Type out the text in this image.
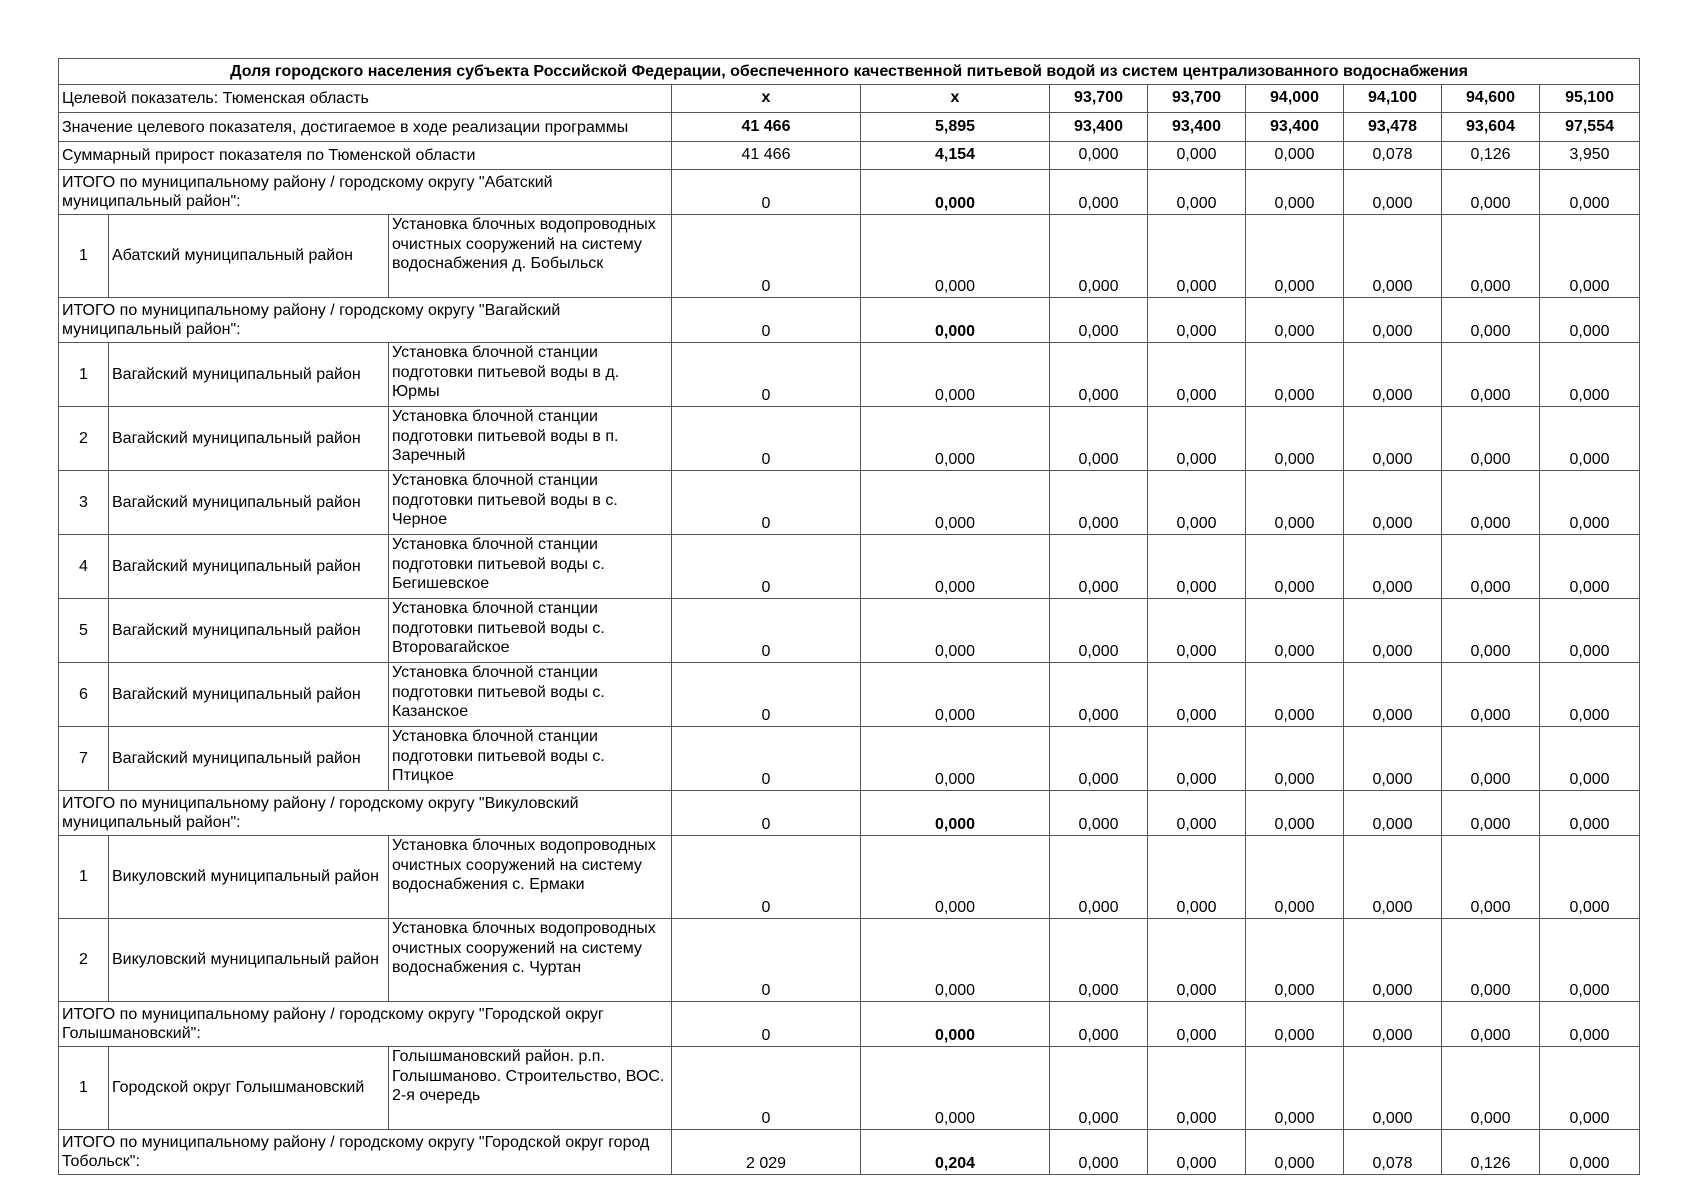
Доля городского населения субъекта Российской Федерации, обеспеченного качественной питьевой водой из систем централизованного водоснабжения										
Целевой показатель: Тюменская область			х	х	93,700	93,700	94,000	94,100	94,600	95,100
Значение целевого показателя, достигаемое в ходе реализации программы			41 466	5,895	93,400	93,400	93,400	93,478	93,604	97,554
Суммарный прирост показателя по Тюменской области			41 466	4,154	0,000	0,000	0,000	0,078	0,126	3,950
ИТОГО по муниципальному району / городскому округу "Абатский муниципальный район":			0	0,000	0,000	0,000	0,000	0,000	0,000	0,000
1	Абатский муниципальный район	Установка блочных водопроводных очистных сооружений на систему водоснабжения д. Бобыльск	0	0,000	0,000	0,000	0,000	0,000	0,000	0,000
ИТОГО по муниципальному району / городскому округу "Вагайский муниципальный район":			0	0,000	0,000	0,000	0,000	0,000	0,000	0,000
1	Вагайский муниципальный район	Установка блочной станции подготовки питьевой воды в д. Юрмы	0	0,000	0,000	0,000	0,000	0,000	0,000	0,000
2	Вагайский муниципальный район	Установка блочной станции подготовки питьевой воды в п. Заречный	0	0,000	0,000	0,000	0,000	0,000	0,000	0,000
3	Вагайский муниципальный район	Установка блочной станции подготовки питьевой воды в с. Черное	0	0,000	0,000	0,000	0,000	0,000	0,000	0,000
4	Вагайский муниципальный район	Установка блочной станции подготовки питьевой воды с. Бегишевское	0	0,000	0,000	0,000	0,000	0,000	0,000	0,000
5	Вагайский муниципальный район	Установка блочной станции подготовки питьевой воды с. Второвагайское	0	0,000	0,000	0,000	0,000	0,000	0,000	0,000
6	Вагайский муниципальный район	Установка блочной станции подготовки питьевой воды с. Казанское	0	0,000	0,000	0,000	0,000	0,000	0,000	0,000
7	Вагайский муниципальный район	Установка блочной станции подготовки питьевой воды с. Птицкое	0	0,000	0,000	0,000	0,000	0,000	0,000	0,000
ИТОГО по муниципальному району / городскому округу "Викуловский муниципальный район":			0	0,000	0,000	0,000	0,000	0,000	0,000	0,000
1	Викуловский муниципальный район	Установка блочных водопроводных очистных сооружений на систему водоснабжения с. Ермаки	0	0,000	0,000	0,000	0,000	0,000	0,000	0,000
2	Викуловский муниципальный район	Установка блочных водопроводных очистных сооружений на систему водоснабжения с. Чуртан	0	0,000	0,000	0,000	0,000	0,000	0,000	0,000
ИТОГО по муниципальному району / городскому округу "Городской округ Голышмановский":			0	0,000	0,000	0,000	0,000	0,000	0,000	0,000
1	Городской округ Голышмановский	Голышмановский район. р.п. Голышманово. Строительство, ВОС. 2-я очередь	0	0,000	0,000	0,000	0,000	0,000	0,000	0,000
ИТОГО по муниципальному району / городскому округу "Городской округ город Тобольск":			2 029	0,204	0,000	0,000	0,000	0,078	0,126	0,000
